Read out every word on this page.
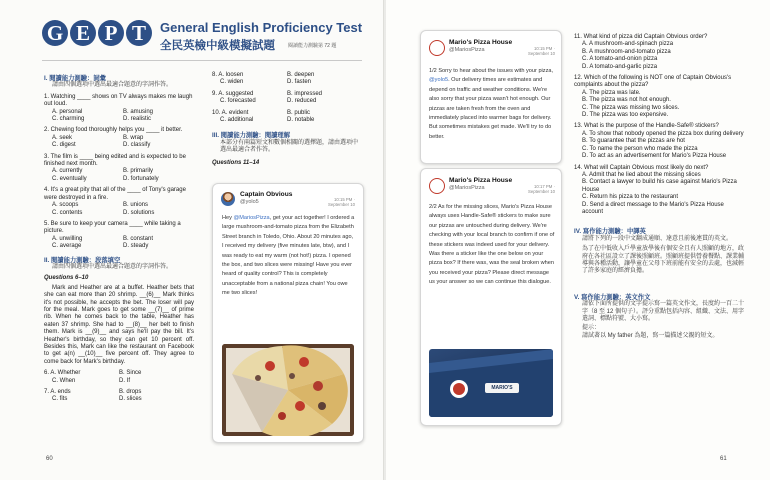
G E P T	General English Proficiency Test
全民英檢中級模擬試題	閱讀能力測驗第 72 題
I. 閱讀能力測驗：詞彙
請由四個選項中選出最適合題意的字詞作答。
1. Watching ____ shows on TV always makes me laugh out loud.
A. personal	B. amusing
C. charming	D. realistic
2. Chewing food thoroughly helps you ____ it better.
A. seek	B. wrap
C. digest	D. classify
3. The film is ____ being edited and is expected to be finished next month.
A. currently	B. primarily
C. eventually	D. fortunately
4. It's a great pity that all of the ____ of Tony's garage were destroyed in a fire.
A. scoops	B. unions
C. contents	D. solutions
5. Be sure to keep your camera ____ while taking a picture.
A. unwilling	B. constant
C. average	D. steady
II. 閱讀能力測驗：段落填空
請由四個選項中選出最適合題意的字詞作答。
Questions 6–10
Mark and Heather are at a buffet. Heather bets that she can eat more than 20 shrimp. __(6)__ Mark thinks it's not possible, he accepts the bet. The loser will pay for the meal. Mark goes to get some __(7)__ of prime rib. When he comes back to the table, Heather has eaten 37 shrimp. She had to __(8)__ her belt to finish them. Mark is __(9)__ and says he'll pay the bill. It's Heather's birthday, so they can get 10 percent off. Besides this, Mark can like the restaurant on Facebook to get a(n) __(10)__ five percent off. They agree to come back for Mark's birthday.
6. A. Whether	B. Since
C. When	D. If
7. A. ends	B. drops
C. fits	D. slices
8. A. loosen	B. deepen
C. widen	D. fasten
9. A. suggested	B. impressed
C. forecasted	D. reduced
10. A. evident	B. public
C. additional	D. notable
III. 閱讀能力測驗：閱讀理解
本部分有兩篇短文和數個相關的選擇題，請由選項中選出最適合者作答。
Questions 11–14
Captain Obvious
@yolo5	10:15 PM · September 10
Hey @MariosPizza, get your act together! I ordered a large mushroom-and-tomato pizza from the Elizabeth Street branch in Toledo, Ohio. About 20 minutes ago, I received my delivery (five minutes late, btw), and I was ready to eat my warm (not hot!) pizza. I opened the box, and two slices were missing! Have you ever heard of quality control? This is completely unacceptable from a national pizza chain! You owe me two slices!
60
Mario's Pizza House
@MariosPizza	10:15 PM · September 10
1/2 Sorry to hear about the issues with your pizza, @yolo5. Our delivery times are estimates and depend on traffic and weather conditions. We're also sorry that your pizza wasn't hot enough. Our pizzas are taken fresh from the oven and immediately placed into warmer bags for delivery. But sometimes mistakes get made. We'll try to do better.
Mario's Pizza House
@MariosPizza	10:17 PM · September 10
2/2 As for the missing slices, Mario's Pizza House always uses Handle-Safe® stickers to make sure our pizzas are untouched during delivery. We're checking with your local branch to confirm if one of these stickers was indeed used for your delivery. Was there a sticker like the one below on your pizza box? If there was, was the seal broken when you received your pizza? Please direct message us your answer so we can continue this dialogue.
MARIO'S
11. What kind of pizza did Captain Obvious order?
A. A mushroom-and-spinach pizza
B. A mushroom-and-tomato pizza
C. A tomato-and-onion pizza
D. A tomato-and-garlic pizza
12. Which of the following is NOT one of Captain Obvious's complaints about the pizza?
A. The pizza was late.
B. The pizza was not hot enough.
C. The pizza was missing two slices.
D. The pizza was too expensive.
13. What is the purpose of the Handle-Safe® stickers?
A. To show that nobody opened the pizza box during delivery
B. To guarantee that the pizzas are hot
C. To name the person who made the pizza
D. To act as an advertisement for Mario's Pizza House
14. What will Captain Obvious most likely do next?
A. Admit that he lied about the missing slices
B. Contact a lawyer to build his case against Mario's Pizza House
C. Return his pizza to the restaurant
D. Send a direct message to the Mario's Pizza House account
IV. 寫作能力測驗：中譯英
請將下列的一段中文翻成通順、達意且前後連貫的英文。
為了在中低收入戶學童放學後有個安全且有人照顧的地方，政府在各社區設立了課後照顧班。照顧班提供營養餐點、課業輔導與各種活動，讓學童在父母下班前能有安全的去處，也減輕了許多家庭的經濟負擔。
V. 寫作能力測驗：英文作文
請依下面所提供的文字提示寫一篇英文作文，長度約一百二十字（8 至 12 個句子）。評分重點包括內容、組織、文法、用字遣詞、標點符號、大小寫。
提示：
請試著以 My father 為題，寫一篇描述父親的短文。
61
